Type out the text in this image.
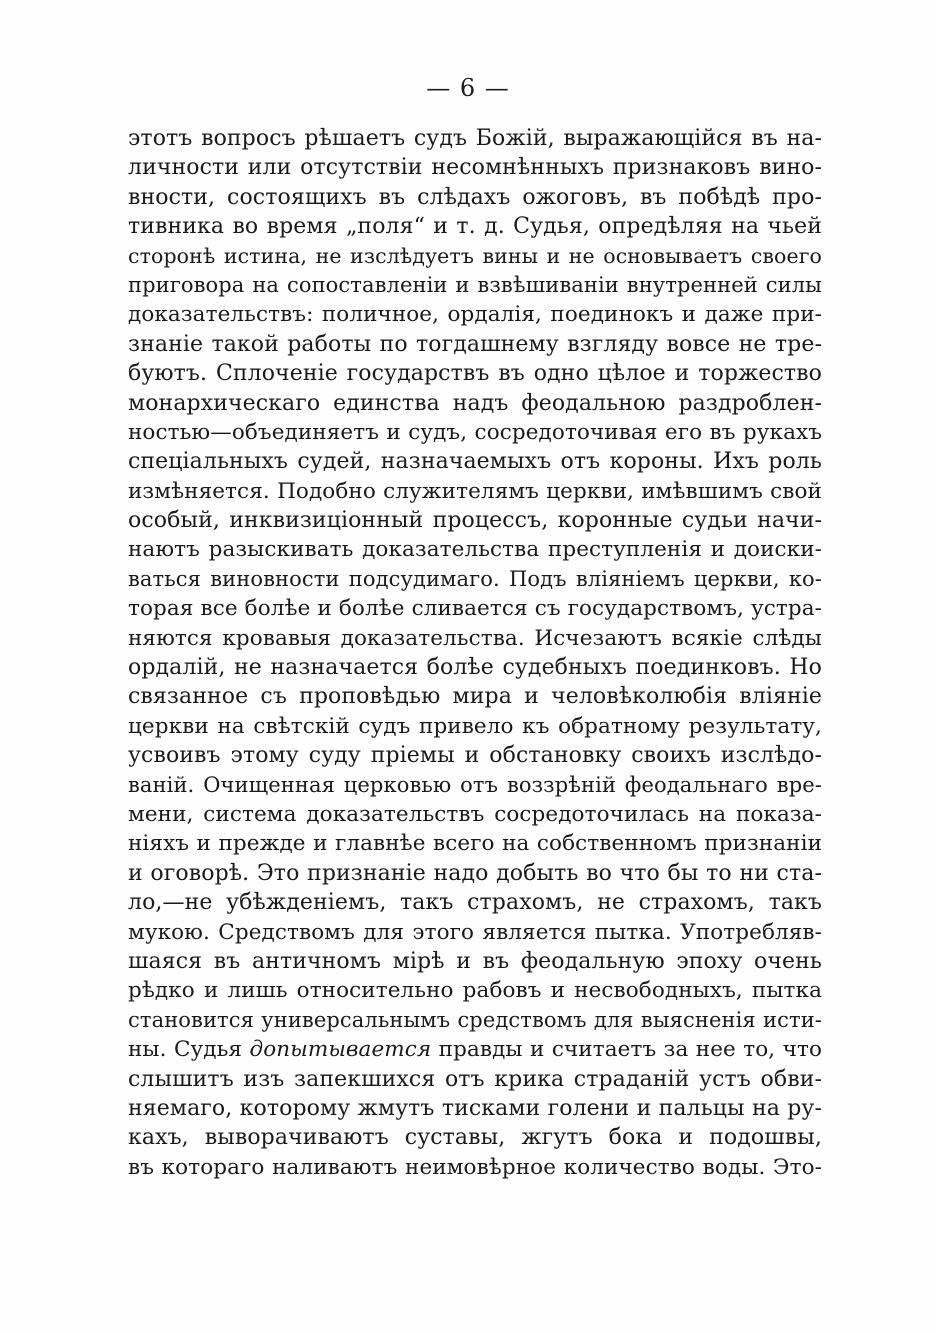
— 6 —
этотъ вопросъ рѣшаетъ судъ Божій, выражающійся въ на-
личности или отсутствіи несомнѣнныхъ признаковъ вино-
вности, состоящихъ въ слѣдахъ ожоговъ, въ побѣдѣ про-
тивника во время „поля“ и т. д. Судья, опредѣляя на чьей
сторонѣ истина, не изслѣдуетъ вины и не основываетъ своего
приговора на сопоставленіи и взвѣшиваніи внутренней силы
доказательствъ: поличное, ордалія, поединокъ и даже при-
знаніе такой работы по тогдашнему взгляду вовсе не тре-
буютъ. Сплоченіе государствъ въ одно цѣлое и торжество
монархическаго единства надъ феодальною раздроблен-
ностью—объединяетъ и судъ, сосредоточивая его въ рукахъ
спеціальныхъ судей, назначаемыхъ отъ короны. Ихъ роль
измѣняется. Подобно служителямъ церкви, имѣвшимъ свой
особый, инквизиціонный процессъ, коронные судьи начи-
наютъ разыскивать доказательства преступленія и доиски-
ваться виновности подсудимаго. Подъ вліяніемъ церкви, ко-
торая все болѣе и болѣе сливается съ государствомъ, устра-
няются кровавыя доказательства. Исчезаютъ всякіе слѣды
ордалій, не назначается болѣе судебныхъ поединковъ. Но
связанное съ проповѣдью мира и человѣколюбія вліяніе
церкви на свѣтскій судъ привело къ обратному результату,
усвоивъ этому суду пріемы и обстановку своихъ изслѣдо-
ваній. Очищенная церковью отъ воззрѣній феодальнаго вре-
мени, система доказательствъ сосредоточилась на показа-
ніяхъ и прежде и главнѣе всего на собственномъ признаніи
и оговорѣ. Это признаніе надо добыть во что бы то ни ста-
ло,—не убѣжденіемъ, такъ страхомъ, не страхомъ, такъ
мукою. Средствомъ для этого является пытка. Употребляв-
шаяся въ античномъ мірѣ и въ феодальную эпоху очень
рѣдко и лишь относительно рабовъ и несвободныхъ, пытка
становится универсальнымъ средствомъ для выясненія исти-
ны. Судья допытывается правды и считаетъ за нее то, что
слышитъ изъ запекшихся отъ крика страданій устъ обви-
няемаго, которому жмутъ тисками голени и пальцы на ру-
кахъ, выворачиваютъ суставы, жгутъ бока и подошвы,
въ котораго наливаютъ неимовѣрное количество воды. Это-
